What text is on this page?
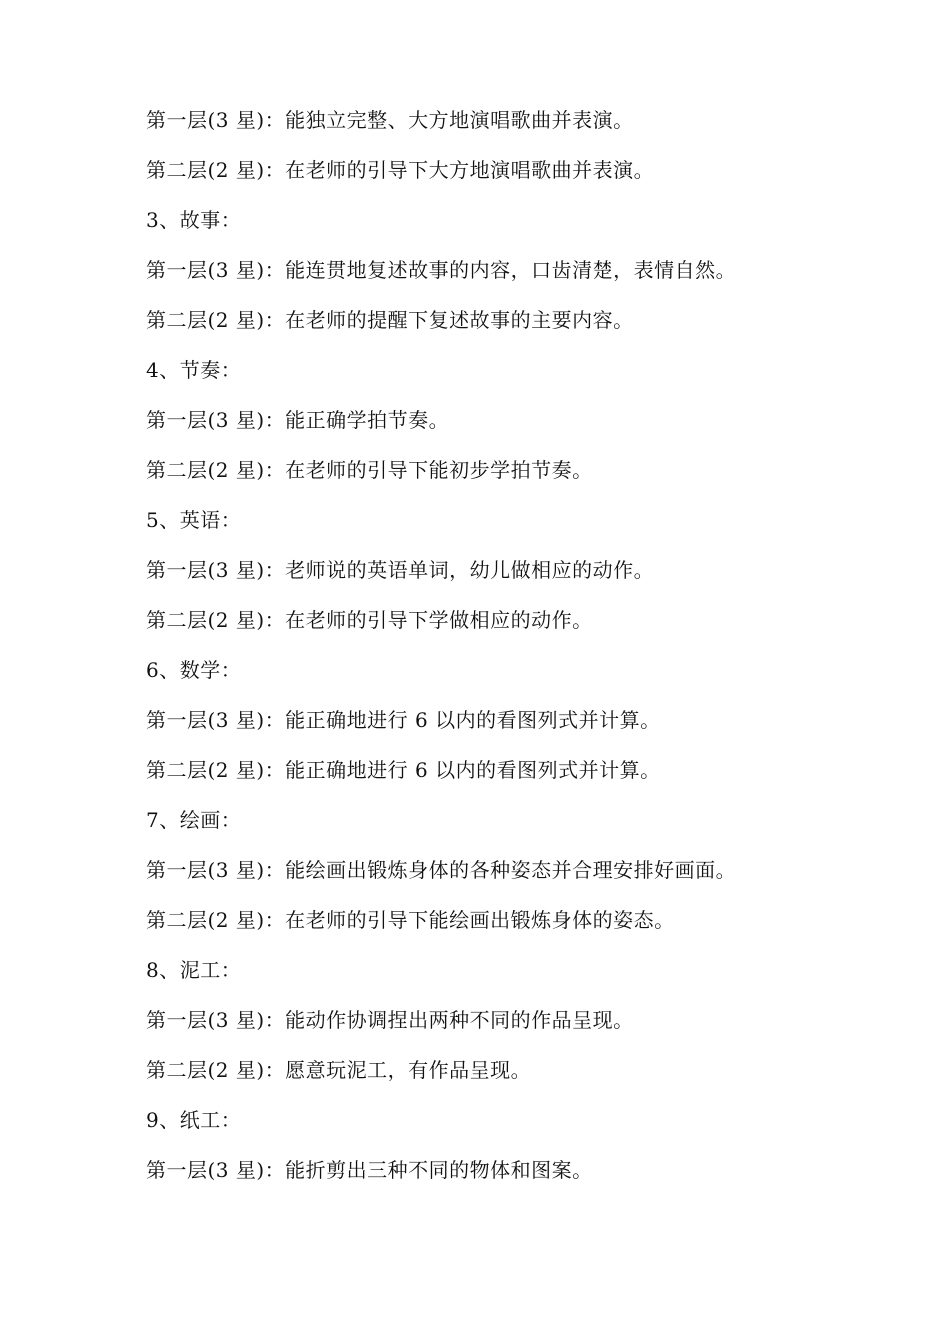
第一层(3 星)：能独立完整、大方地演唱歌曲并表演。
第二层(2 星)：在老师的引导下大方地演唱歌曲并表演。
3、故事：
第一层(3 星)：能连贯地复述故事的内容，口齿清楚，表情自然。
第二层(2 星)：在老师的提醒下复述故事的主要内容。
4、节奏：
第一层(3 星)：能正确学拍节奏。
第二层(2 星)：在老师的引导下能初步学拍节奏。
5、英语：
第一层(3 星)：老师说的英语单词，幼儿做相应的动作。
第二层(2 星)：在老师的引导下学做相应的动作。
6、数学：
第一层(3 星)：能正确地进行 6 以内的看图列式并计算。
第二层(2 星)：能正确地进行 6 以内的看图列式并计算。
7、绘画：
第一层(3 星)：能绘画出锻炼身体的各种姿态并合理安排好画面。
第二层(2 星)：在老师的引导下能绘画出锻炼身体的姿态。
8、泥工：
第一层(3 星)：能动作协调捏出两种不同的作品呈现。
第二层(2 星)：愿意玩泥工，有作品呈现。
9、纸工：
第一层(3 星)：能折剪出三种不同的物体和图案。
